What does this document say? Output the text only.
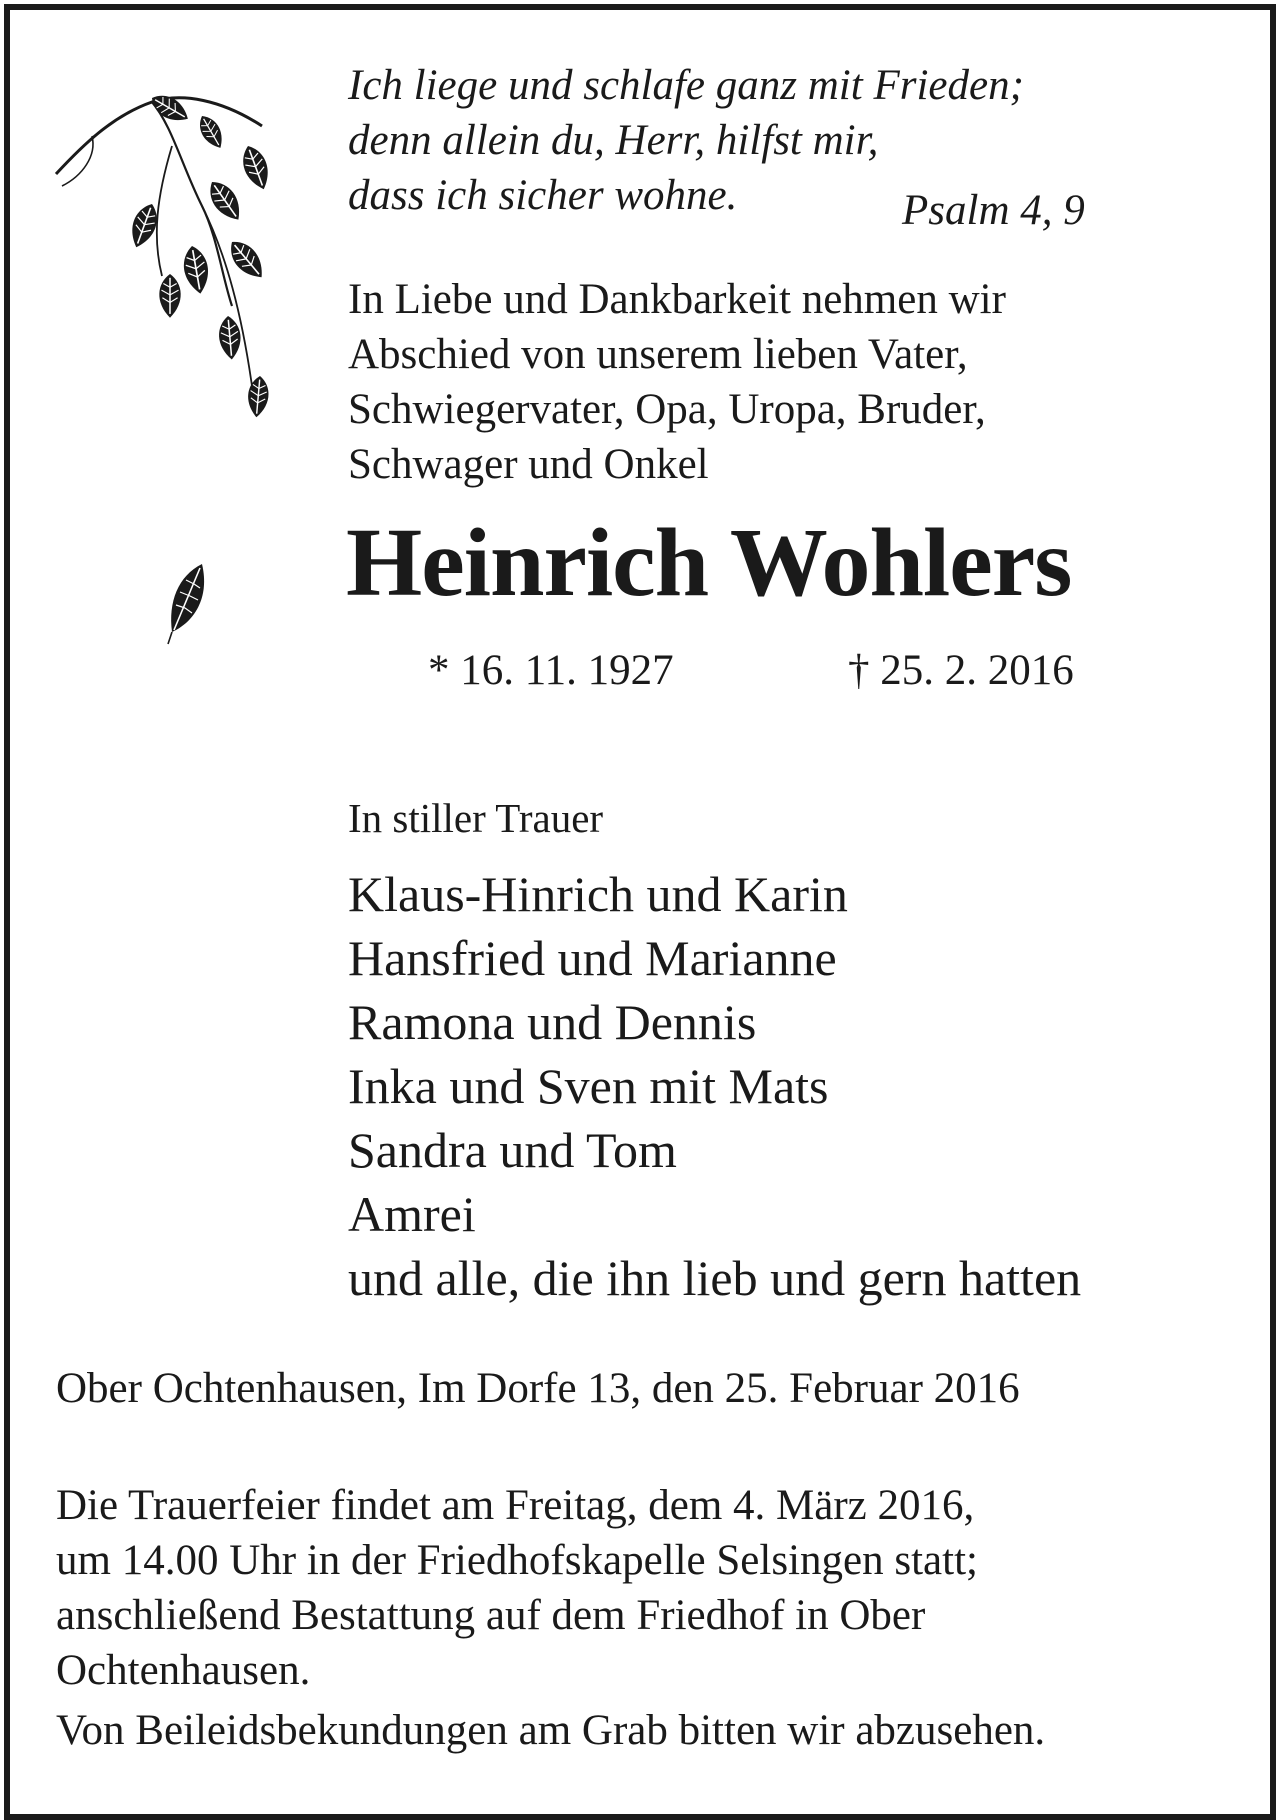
Ich liege und schlafe ganz mit Frieden;
denn allein du, Herr, hilfst mir,
dass ich sicher wohne.	Psalm 4, 9
In Liebe und Dankbarkeit nehmen wir
Abschied von unserem lieben Vater,
Schwiegervater, Opa, Uropa, Bruder,
Schwager und Onkel
Heinrich Wohlers
* 16. 11. 1927	† 25. 2. 2016
In stiller Trauer
Klaus-Hinrich und Karin
Hansfried und Marianne
Ramona und Dennis
Inka und Sven mit Mats
Sandra und Tom
Amrei
und alle, die ihn lieb und gern hatten
Ober Ochtenhausen, Im Dorfe 13, den 25. Februar 2016
Die Trauerfeier findet am Freitag, dem 4. März 2016,
um 14.00 Uhr in der Friedhofskapelle Selsingen statt;
anschließend Bestattung auf dem Friedhof in Ober
Ochtenhausen.
Von Beileidsbekundungen am Grab bitten wir abzusehen.
